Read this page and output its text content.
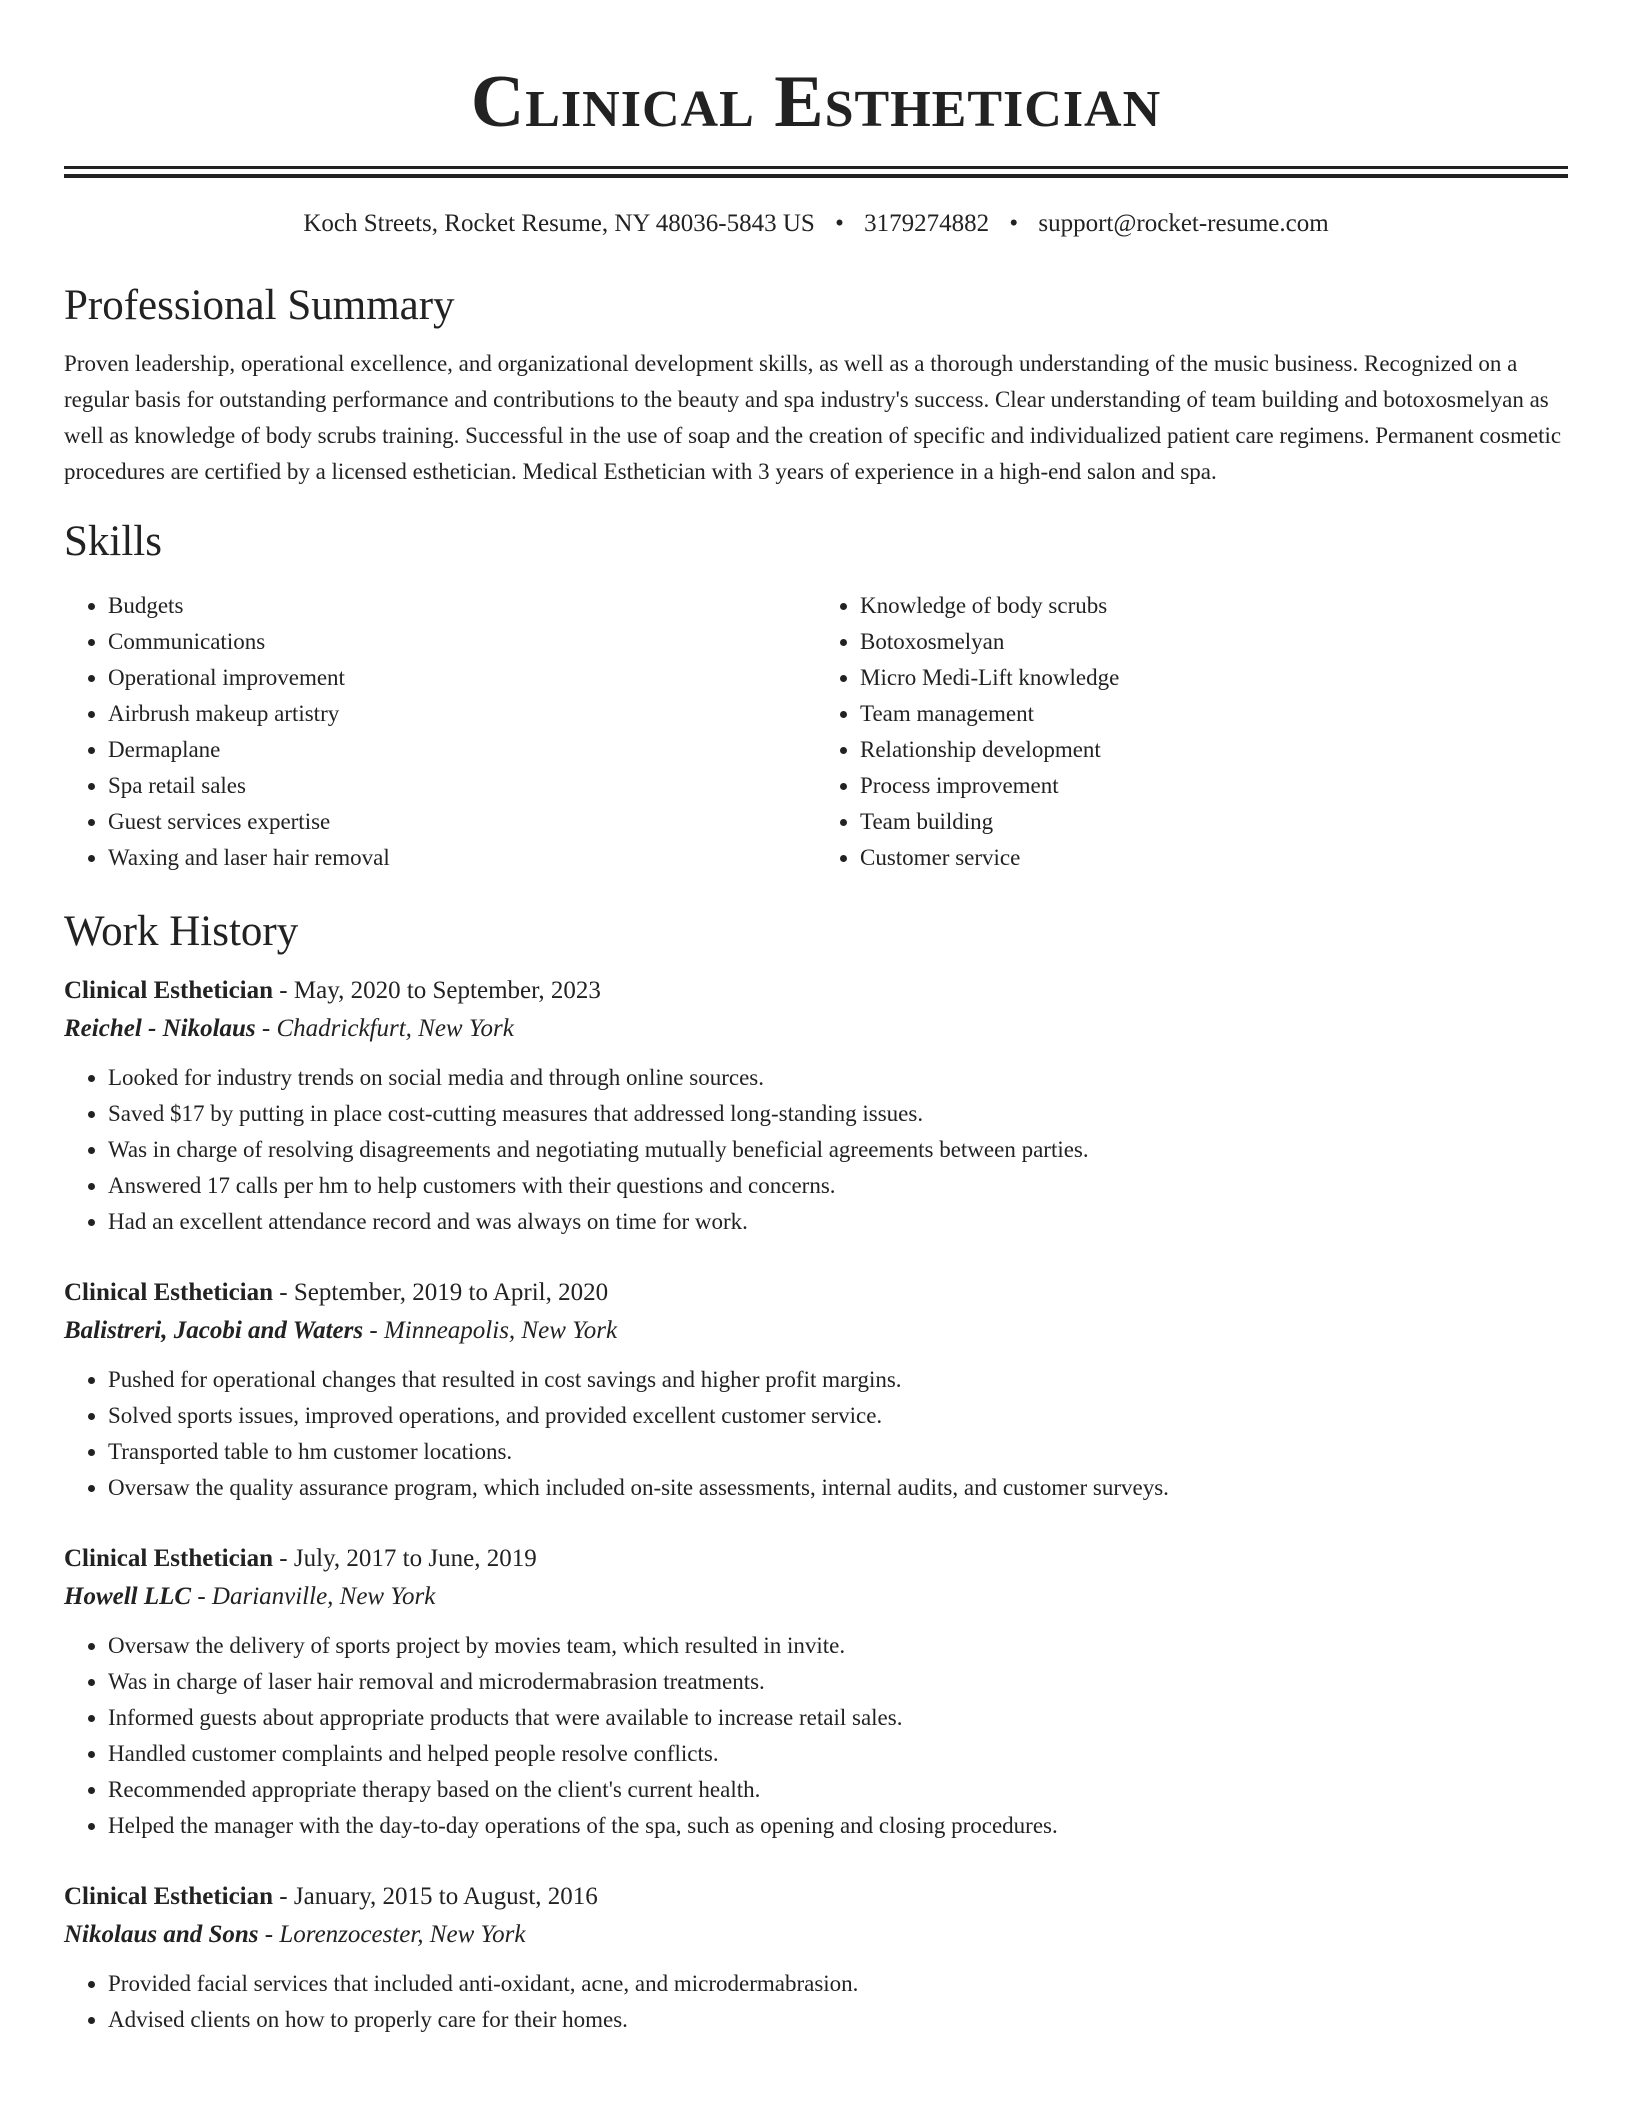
Clinical Esthetician
Koch Streets, Rocket Resume, NY 48036-5843 US • 3179274882 • support@rocket-resume.com
Professional Summary

Proven leadership, operational excellence, and organizational development skills, as well as a thorough understanding of the music business. Recognized on a regular basis for outstanding performance and contributions to the beauty and spa industry's success. Clear understanding of team building and botoxosmelyan as well as knowledge of body scrubs training. Successful in the use of soap and the creation of specific and individualized patient care regimens. Permanent cosmetic procedures are certified by a licensed esthetician. Medical Esthetician with 3 years of experience in a high-end salon and spa.

Skills
• Budgets
• Communications
• Operational improvement
• Airbrush makeup artistry
• Dermaplane
• Spa retail sales
• Guest services expertise
• Waxing and laser hair removal
• Knowledge of body scrubs
• Botoxosmelyan
• Micro Medi-Lift knowledge
• Team management
• Relationship development
• Process improvement
• Team building
• Customer service
Work History
Clinical Esthetician - May, 2020 to September, 2023
Reichel - Nikolaus - Chadrickfurt, New York
• Looked for industry trends on social media and through online sources.
• Saved $17 by putting in place cost-cutting measures that addressed long-standing issues.
• Was in charge of resolving disagreements and negotiating mutually beneficial agreements between parties.
• Answered 17 calls per hm to help customers with their questions and concerns.
• Had an excellent attendance record and was always on time for work.
Clinical Esthetician - September, 2019 to April, 2020
Balistreri, Jacobi and Waters - Minneapolis, New York
• Pushed for operational changes that resulted in cost savings and higher profit margins.
• Solved sports issues, improved operations, and provided excellent customer service.
• Transported table to hm customer locations.
• Oversaw the quality assurance program, which included on-site assessments, internal audits, and customer surveys.
Clinical Esthetician - July, 2017 to June, 2019
Howell LLC - Darianville, New York
• Oversaw the delivery of sports project by movies team, which resulted in invite.
• Was in charge of laser hair removal and microdermabrasion treatments.
• Informed guests about appropriate products that were available to increase retail sales.
• Handled customer complaints and helped people resolve conflicts.
• Recommended appropriate therapy based on the client's current health.
• Helped the manager with the day-to-day operations of the spa, such as opening and closing procedures.
Clinical Esthetician - January, 2015 to August, 2016
Nikolaus and Sons - Lorenzocester, New York
• Provided facial services that included anti-oxidant, acne, and microdermabrasion.
• Advised clients on how to properly care for their homes.
